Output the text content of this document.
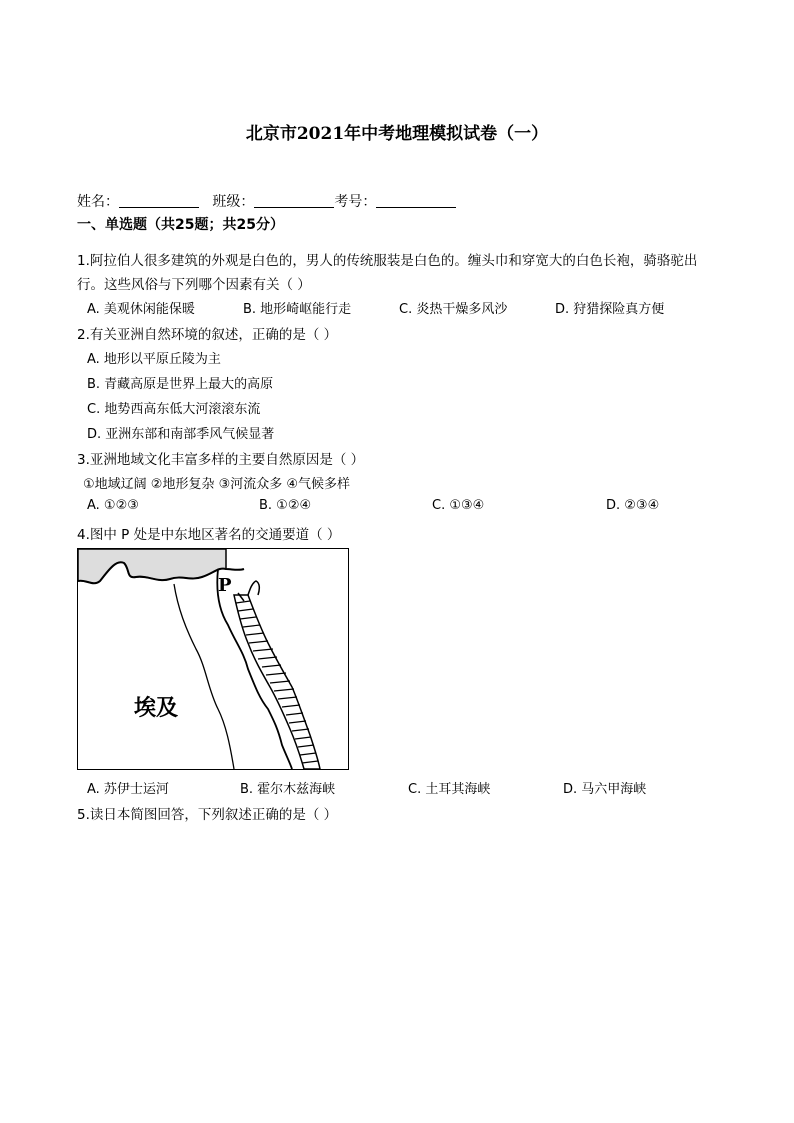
北京市2021年中考地理模拟试卷（一）
姓名：	班级：	考号：
一、单选题（共25题；共25分）
1.阿拉伯人很多建筑的外观是白色的，男人的传统服装是白色的。缠头巾和穿宽大的白色长袍，骑骆驼出
行。这些风俗与下列哪个因素有关（ ）
A. 美观休闲能保暖	B. 地形崎岖能行走	C. 炎热干燥多风沙	D. 狩猎探险真方便
2.有关亚洲自然环境的叙述，正确的是（ ）
A. 地形以平原丘陵为主
B. 青藏高原是世界上最大的高原
C. 地势西高东低大河滚滚东流
D. 亚洲东部和南部季风气候显著
3.亚洲地域文化丰富多样的主要自然原因是（ ）
①地域辽阔 ②地形复杂 ③河流众多 ④气候多样
A. ①②③	B. ①②④	C. ①③④	D. ②③④
4.图中 P 处是中东地区著名的交通要道（ ）
P
埃及
A. 苏伊士运河	B. 霍尔木兹海峡	C. 土耳其海峡	D. 马六甲海峡
5.读日本简图回答，下列叙述正确的是（ ）
